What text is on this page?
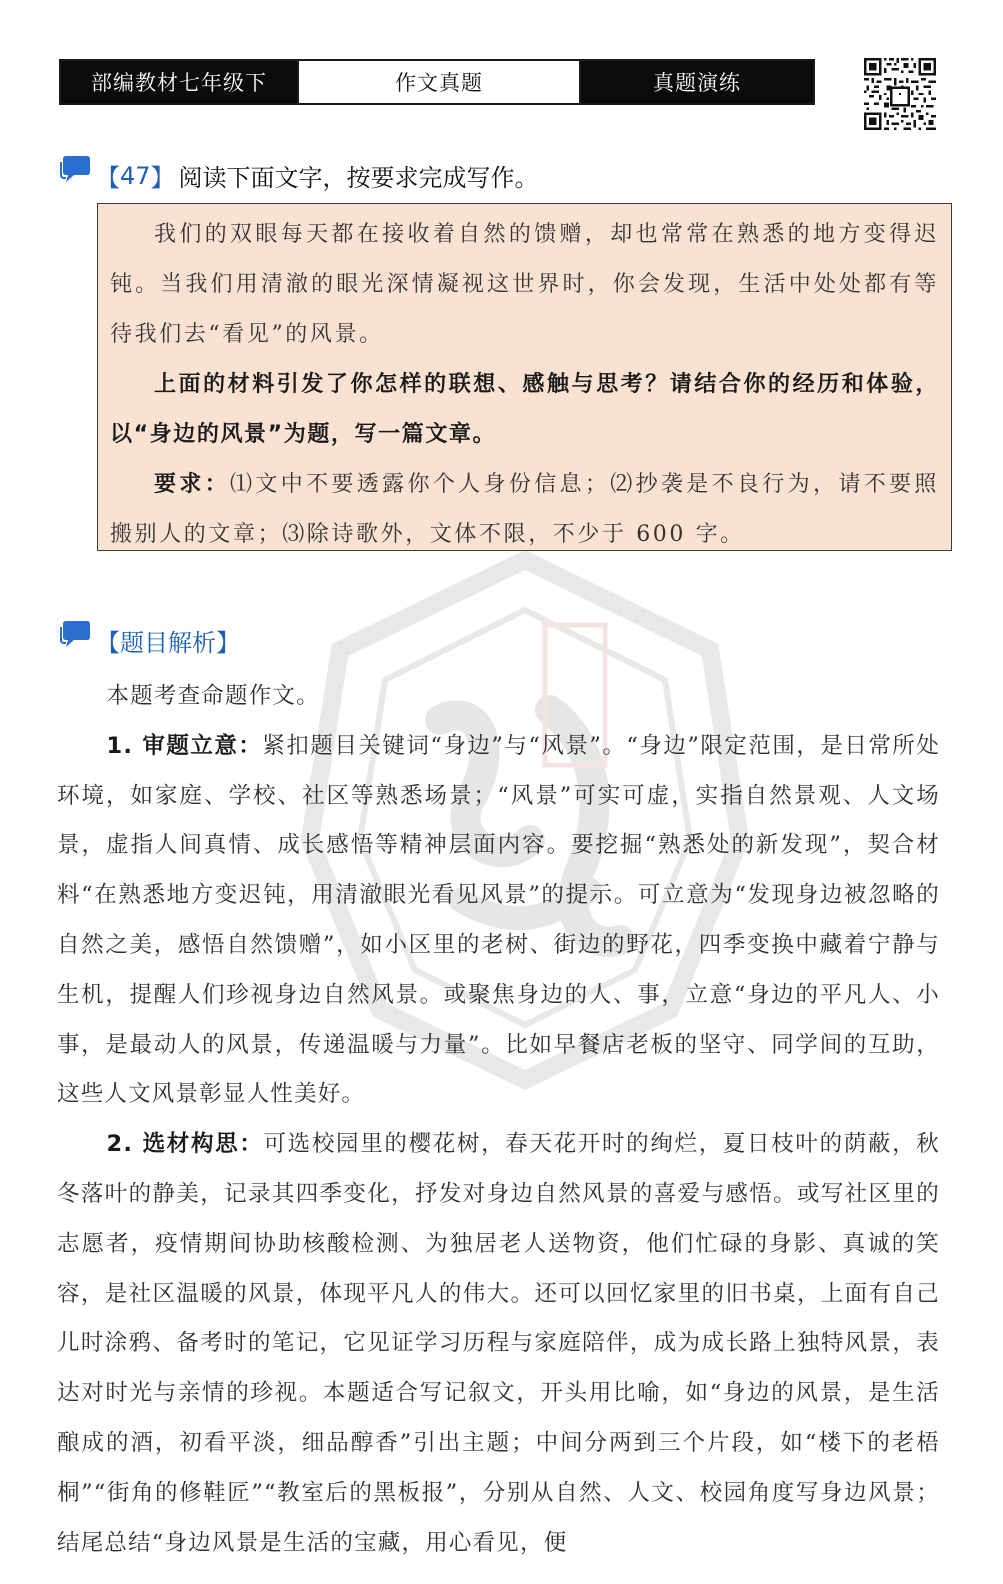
部编教材七年级下	作文真题	真题演练
【 47 】 阅读下面文字，按要求完成写作。

我们的双眼每天都在接收着自然的馈赠，却也常常在熟悉的地方变得迟钝。当我们用清澈的眼光深情凝视这世界时，你会发现，生活中处处都有等待我们去“看见”的风景。

上面的材料引发了你怎样的联想、感触与思考？请结合你的经历和体验，以“身边的风景”为题，写一篇文章。

要求：⑴文中不要透露你个人身份信息；⑵抄袭是不良行为，请不要照搬别人的文章；⑶除诗歌外，文体不限，不少于 600 字。

【题目解析】

本题考查命题作文。

1. 审题立意：紧扣题目关键词“身边”与“风景”。“身边”限定范围，是日常所处环境，如家庭、学校、社区等熟悉场景；“风景”可实可虚，实指自然景观、人文场景，虚指人间真情、成长感悟等精神层面内容。要挖掘“熟悉处的新发现”，契合材料“在熟悉地方变迟钝，用清澈眼光看见风景”的提示。可立意为“发现身边被忽略的自然之美，感悟自然馈赠”，如小区里的老树、街边的野花，四季变换中藏着宁静与生机，提醒人们珍视身边自然风景。或聚焦身边的人、事，立意“身边的平凡人、小事，是最动人的风景，传递温暖与力量”。比如早餐店老板的坚守、同学间的互助，这些人文风景彰显人性美好。

2. 选材构思：可选校园里的樱花树，春天花开时的绚烂，夏日枝叶的荫蔽，秋冬落叶的静美，记录其四季变化，抒发对身边自然风景的喜爱与感悟。或写社区里的志愿者，疫情期间协助核酸检测、为独居老人送物资，他们忙碌的身影、真诚的笑容，是社区温暖的风景，体现平凡人的伟大。还可以回忆家里的旧书桌，上面有自己儿时涂鸦、备考时的笔记，它见证学习历程与家庭陪伴，成为成长路上独特风景，表达对时光与亲情的珍视。本题适合写记叙文，开头用比喻，如“身边的风景，是生活酿成的酒，初看平淡，细品醇香”引出主题；中间分两到三个片段，如“楼下的老梧桐”“街角的修鞋匠”“教室后的黑板报”，分别从自然、人文、校园角度写身边风景；结尾总结“身边风景是生活的宝藏，用心看见，便
